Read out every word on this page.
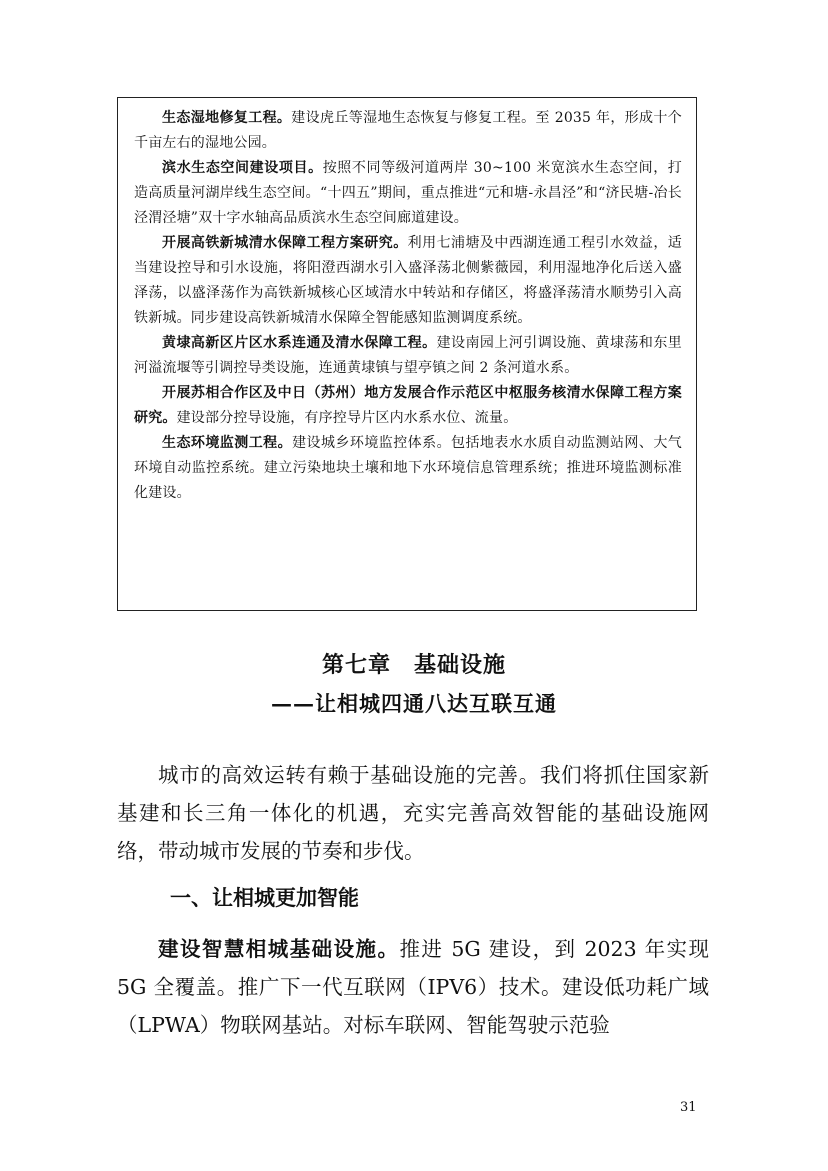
生态湿地修复工程。建设虎丘等湿地生态恢复与修复工程。至 2035 年，形成十个千亩左右的湿地公园。

滨水生态空间建设项目。按照不同等级河道两岸 30~100 米宽滨水生态空间，打造高质量河湖岸线生态空间。“十四五”期间，重点推进“元和塘-永昌泾”和“济民塘-冶长泾渭泾塘”双十字水轴高品质滨水生态空间廊道建设。

开展高铁新城清水保障工程方案研究。利用七浦塘及中西湖连通工程引水效益，适当建设控导和引水设施，将阳澄西湖水引入盛泽荡北侧紫薇园，利用湿地净化后送入盛泽荡，以盛泽荡作为高铁新城核心区域清水中转站和存储区，将盛泽荡清水顺势引入高铁新城。同步建设高铁新城清水保障全智能感知监测调度系统。

黄埭高新区片区水系连通及清水保障工程。建设南园上河引调设施、黄埭荡和东里河溢流堰等引调控导类设施，连通黄埭镇与望亭镇之间 2 条河道水系。

开展苏相合作区及中日（苏州）地方发展合作示范区中枢服务核清水保障工程方案研究。建设部分控导设施，有序控导片区内水系水位、流量。

生态环境监测工程。建设城乡环境监控体系。包括地表水水质自动监测站网、大气环境自动监控系统。建立污染地块土壤和地下水环境信息管理系统；推进环境监测标准化建设。

第七章　基础设施
——让相城四通八达互联互通

城市的高效运转有赖于基础设施的完善。我们将抓住国家新基建和长三角一体化的机遇，充实完善高效智能的基础设施网络，带动城市发展的节奏和步伐。

一、让相城更加智能

建设智慧相城基础设施。推进 5G 建设，到 2023 年实现 5G 全覆盖。推广下一代互联网（IPV6）技术。建设低功耗广域（LPWA）物联网基站。对标车联网、智能驾驶示范验

31
